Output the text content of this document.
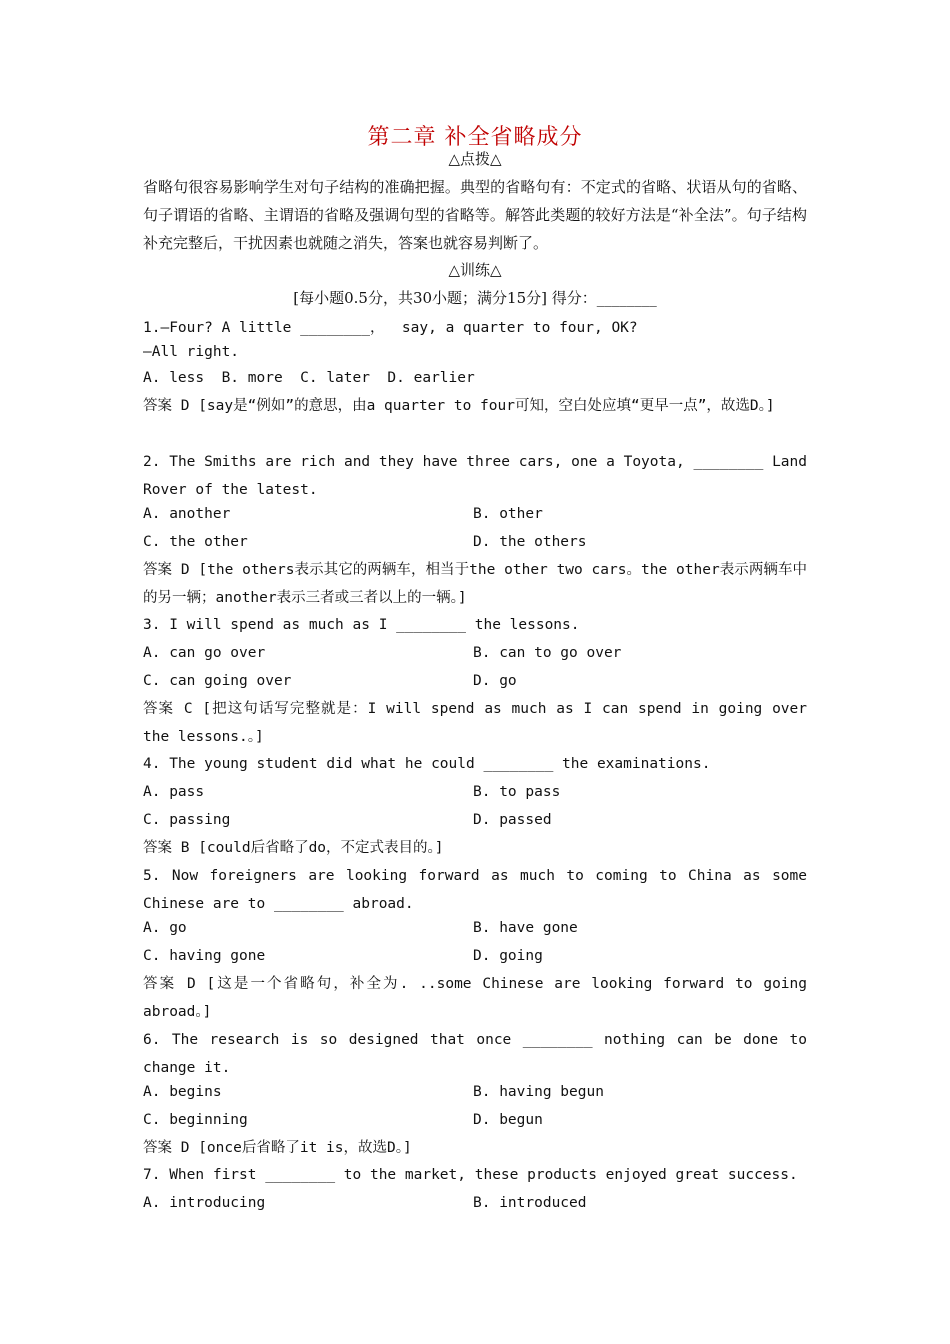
第二章 补全省略成分
△点拨△
省略句很容易影响学生对句子结构的准确把握。典型的省略句有：不定式的省略、状语从句的省略、句子谓语的省略、主谓语的省略及强调句型的省略等。解答此类题的较好方法是“补全法”。句子结构补充完整后，干扰因素也就随之消失，答案也就容易判断了。
△训练△
[每小题0.5分，共30小题；满分15分] 得分：________
1.—Four? A little ________，  say, a quarter to four, OK?
—All right.
A. less  B. more  C. later  D. earlier
答案 D [say是“例如”的意思，由a quarter to four可知，空白处应填“更早一点”，故选D。]
2. The Smiths are rich and they have three cars, one a Toyota, ________ Land Rover of the latest.
A. another	B. other
C. the other	D. the others
答案 D [the others表示其它的两辆车，相当于the other two cars。the other表示两辆车中的另一辆；another表示三者或三者以上的一辆。]
3. I will spend as much as I ________ the lessons.
A. can go over	B. can to go over
C. can going over	D. go
答案 C [把这句话写完整就是：I will spend as much as I can spend in going over the lessons.。]
4. The young student did what he could ________ the examinations.
A. pass	B. to pass
C. passing	D. passed
答案 B [could后省略了do，不定式表目的。]
5. Now foreigners are looking forward as much to coming to China as some Chinese are to ________ abroad.
A. go	B. have gone
C. having gone	D. going
答案 D [这是一个省略句，补全为. ..some Chinese are looking forward to going abroad。]
6. The research is so designed that once ________ nothing can be done to change it.
A. begins	B. having begun
C. beginning	D. begun
答案 D [once后省略了it is，故选D。]
7. When first ________ to the market, these products enjoyed great success.
A. introducing	B. introduced
